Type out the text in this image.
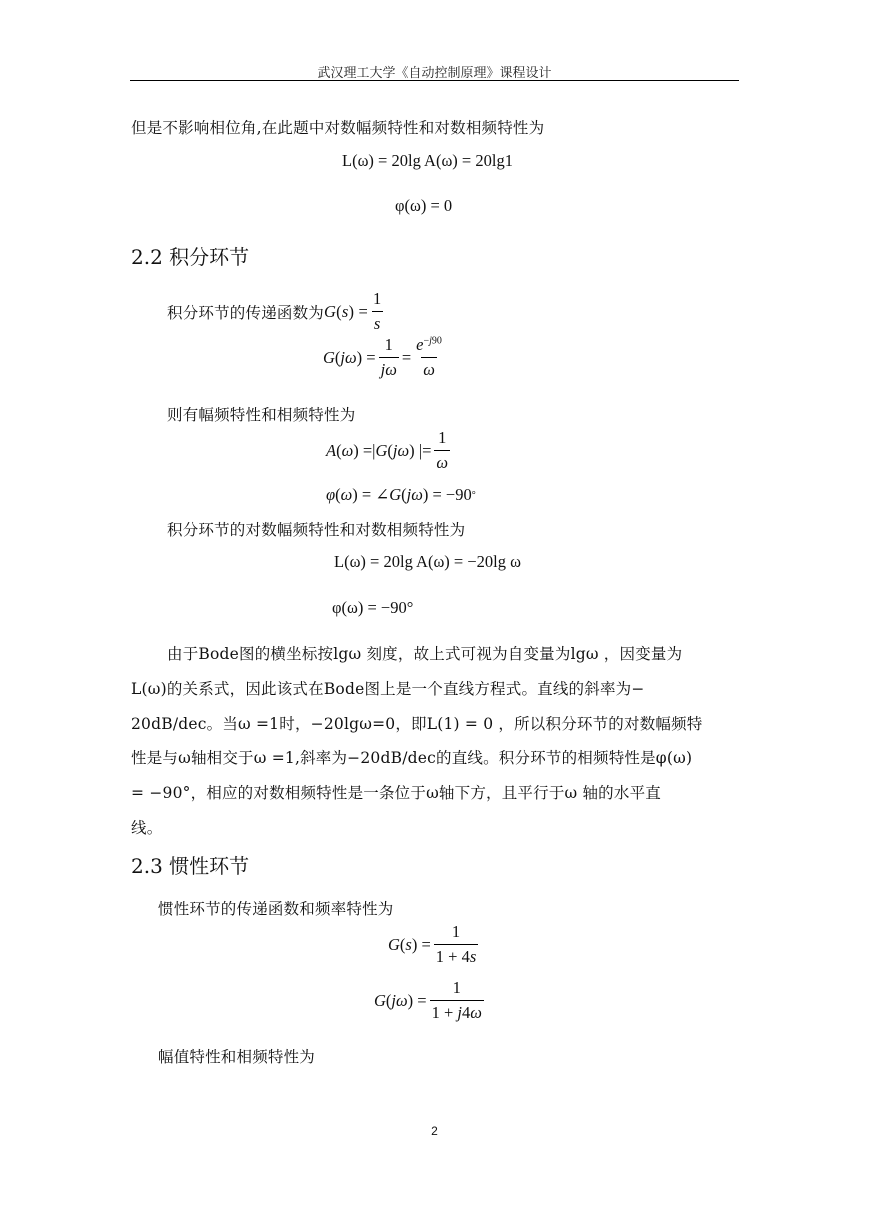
武汉理工大学《自动控制原理》课程设计
但是不影响相位角,在此题中对数幅频特性和对数相频特性为
L(ω) = 20lg A(ω) = 20lg1
φ(ω) = 0
2.2 积分环节
积分环节的传递函数为 G ( s ) = $\frac{1}{s}$
G ( j ω ) = $\frac{1}{j\omega} = \frac{e^{-j90}}{\omega}$
则有幅频特性和相频特性为
A ( ω ) =| G ( jω ) |= $\frac{1}{\omega}$
φ ( ω ) = ∠ G ( jω ) = −90 °
积分环节的对数幅频特性和对数相频特性为
L(ω) = 20lg A(ω) = −20lg ω
φ(ω) = −90°
由于Bode图的横坐标按lgω 刻度，故上式可视为自变量为lgω ，因变量为
L(ω)的关系式，因此该式在Bode图上是一个直线方程式。直线的斜率为−
20dB/dec。当ω =1时，−20lgω=0，即L(1) = 0 ，所以积分环节的对数幅频特
性是与ω轴相交于ω =1,斜率为−20dB/dec的直线。积分环节的相频特性是φ(ω)
= −90°，相应的对数相频特性是一条位于ω轴下方，且平行于ω 轴的水平直
线。
2.3 惯性环节
惯性环节的传递函数和频率特性为
G ( s ) = $\frac{1}{1 + 4s}$
G ( jω ) = $\frac{1}{1 + j4\omega}$
幅值特性和相频特性为
2
